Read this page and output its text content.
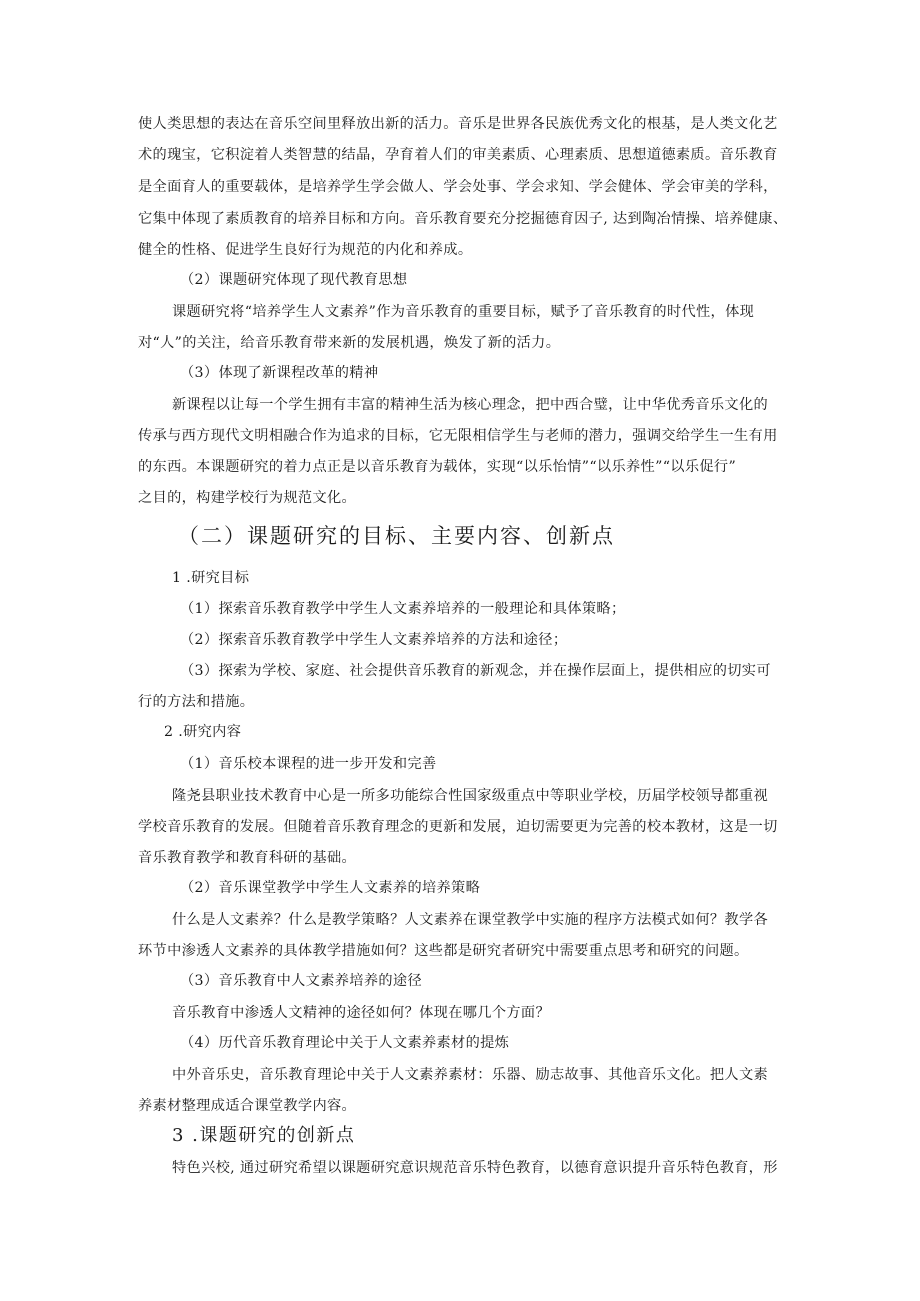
使人类思想的表达在音乐空间里释放出新的活力。音乐是世界各民族优秀文化的根基，是人类文化艺
术的瑰宝，它积淀着人类智慧的结晶，孕育着人们的审美素质、心理素质、思想道德素质。音乐教育
是全面育人的重要载体，是培养学生学会做人、学会处事、学会求知、学会健体、学会审美的学科，
它集中体现了素质教育的培养目标和方向。音乐教育要充分挖掘德育因子, 达到陶冶情操、培养健康、
健全的性格、促进学生良好行为规范的内化和养成。
（2）课题研究体现了现代教育思想
课题研究将“培养学生人文素养”作为音乐教育的重要目标，赋予了音乐教育的时代性，体现
对“人”的关注，给音乐教育带来新的发展机遇，焕发了新的活力。
（3）体现了新课程改革的精神
新课程以让每一个学生拥有丰富的精神生活为核心理念，把中西合璧，让中华优秀音乐文化的
传承与西方现代文明相融合作为追求的目标，它无限相信学生与老师的潜力，强调交给学生一生有用
的东西。本课题研究的着力点正是以音乐教育为载体，实现“以乐怡情”“以乐养性”“以乐促行”
之目的，构建学校行为规范文化。
（二）课题研究的目标、主要内容、创新点
1 .研究目标
（1）探索音乐教育教学中学生人文素养培养的一般理论和具体策略；
（2）探索音乐教育教学中学生人文素养培养的方法和途径；
（3）探索为学校、家庭、社会提供音乐教育的新观念，并在操作层面上，提供相应的切实可
行的方法和措施。
2 .研究内容
（1）音乐校本课程的进一步开发和完善
隆尧县职业技术教育中心是一所多功能综合性国家级重点中等职业学校，历届学校领导都重视
学校音乐教育的发展。但随着音乐教育理念的更新和发展，迫切需要更为完善的校本教材，这是一切
音乐教育教学和教育科研的基础。
（2）音乐课堂教学中学生人文素养的培养策略
什么是人文素养？什么是教学策略？人文素养在课堂教学中实施的程序方法模式如何？教学各
环节中渗透人文素养的具体教学措施如何？这些都是研究者研究中需要重点思考和研究的问题。
（3）音乐教育中人文素养培养的途径
音乐教育中渗透人文精神的途径如何？体现在哪几个方面？
（4）历代音乐教育理论中关于人文素养素材的提炼
中外音乐史，音乐教育理论中关于人文素养素材：乐器、励志故事、其他音乐文化。把人文素
养素材整理成适合课堂教学内容。
3 .课题研究的创新点
特色兴校, 通过研究希望以课题研究意识规范音乐特色教育，以德育意识提升音乐特色教育，形
